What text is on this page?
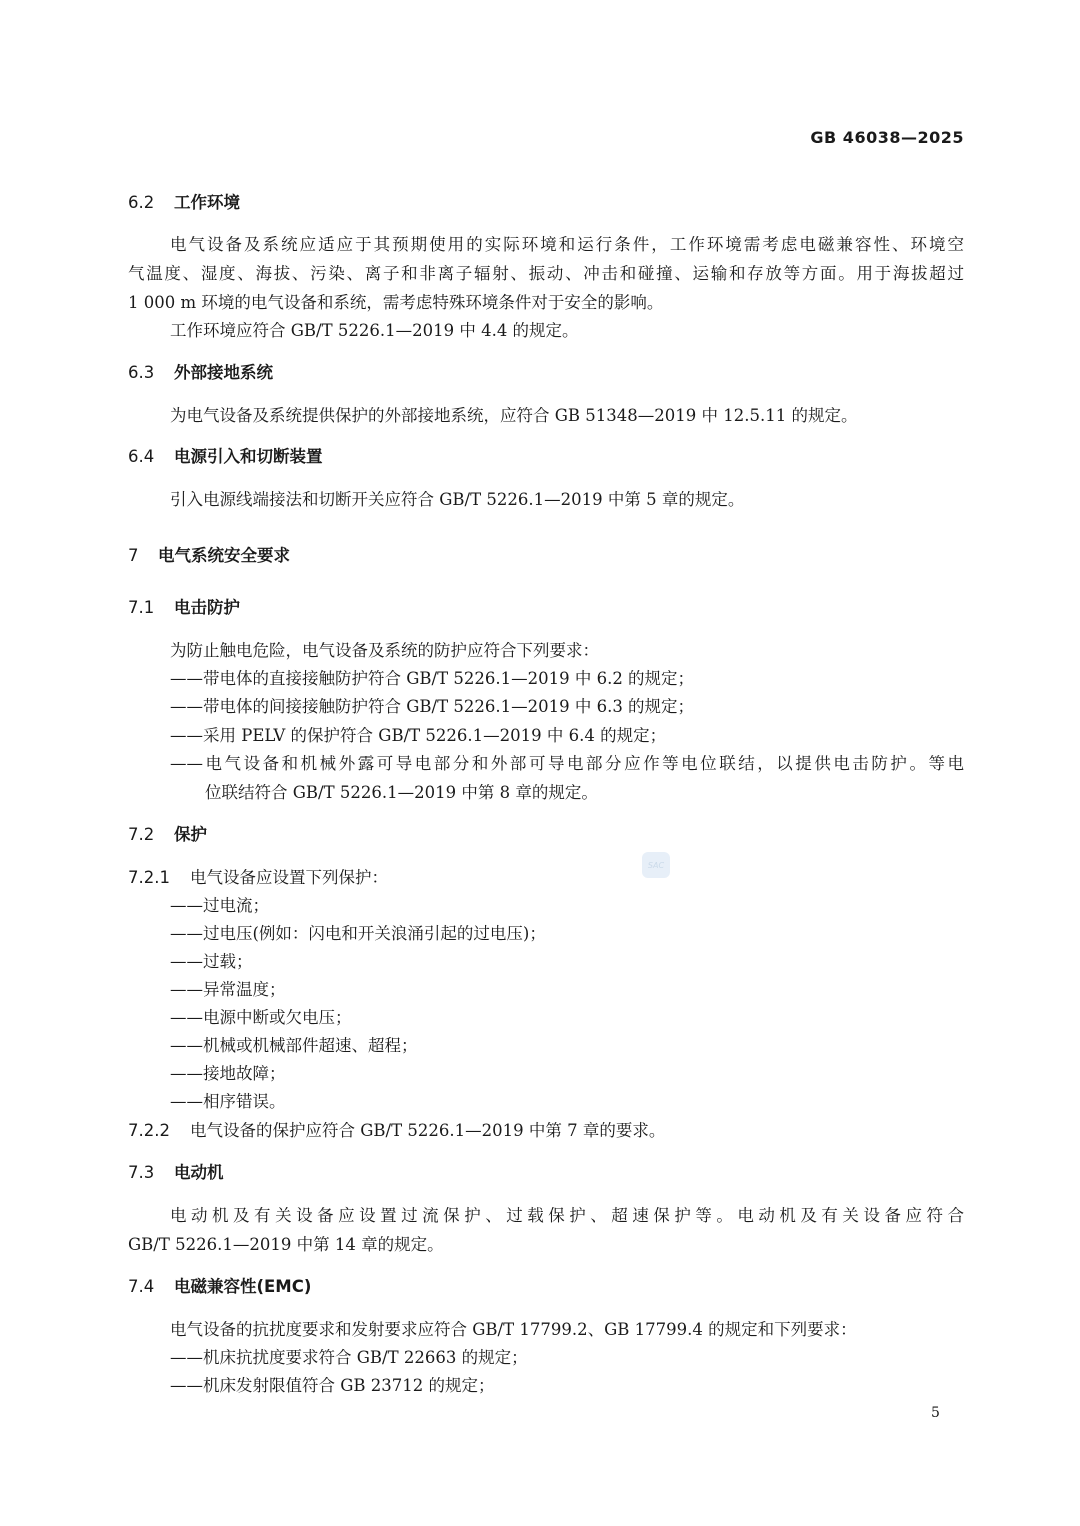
GB 46038—2025
6.2 工作环境
电气设备及系统应适应于其预期使用的实际环境和运行条件，工作环境需考虑电磁兼容性、环境空
气温度、湿度、海拔、污染、离子和非离子辐射、振动、冲击和碰撞、运输和存放等方面。用于海拔超过
1 000 m 环境的电气设备和系统，需考虑特殊环境条件对于安全的影响。
工作环境应符合 GB/T 5226.1—2019 中 4.4 的规定。
6.3 外部接地系统
为电气设备及系统提供保护的外部接地系统，应符合 GB 51348—2019 中 12.5.11 的规定。
6.4 电源引入和切断装置
引入电源线端接法和切断开关应符合 GB/T 5226.1—2019 中第 5 章的规定。
7 电气系统安全要求
7.1 电击防护
为防止触电危险，电气设备及系统的防护应符合下列要求：
——带电体的直接接触防护符合 GB/T 5226.1—2019 中 6.2 的规定；
——带电体的间接接触防护符合 GB/T 5226.1—2019 中 6.3 的规定；
——采用 PELV 的保护符合 GB/T 5226.1—2019 中 6.4 的规定；
——电气设备和机械外露可导电部分和外部可导电部分应作等电位联结，以提供电击防护。等电
位联结符合 GB/T 5226.1—2019 中第 8 章的规定。
7.2 保护
SAC
7.2.1 电气设备应设置下列保护：
——过电流；
——过电压(例如：闪电和开关浪涌引起的过电压)；
——过载；
——异常温度；
——电源中断或欠电压；
——机械或机械部件超速、超程；
——接地故障；
——相序错误。
7.2.2 电气设备的保护应符合 GB/T 5226.1—2019 中第 7 章的要求。
7.3 电动机
电动机及有关设备应设置过流保护、过载保护、超速保护等。电动机及有关设备应符合
GB/T 5226.1—2019 中第 14 章的规定。
7.4 电磁兼容性(EMC)
电气设备的抗扰度要求和发射要求应符合 GB/T 17799.2、GB 17799.4 的规定和下列要求：
——机床抗扰度要求符合 GB/T 22663 的规定；
——机床发射限值符合 GB 23712 的规定；
5
